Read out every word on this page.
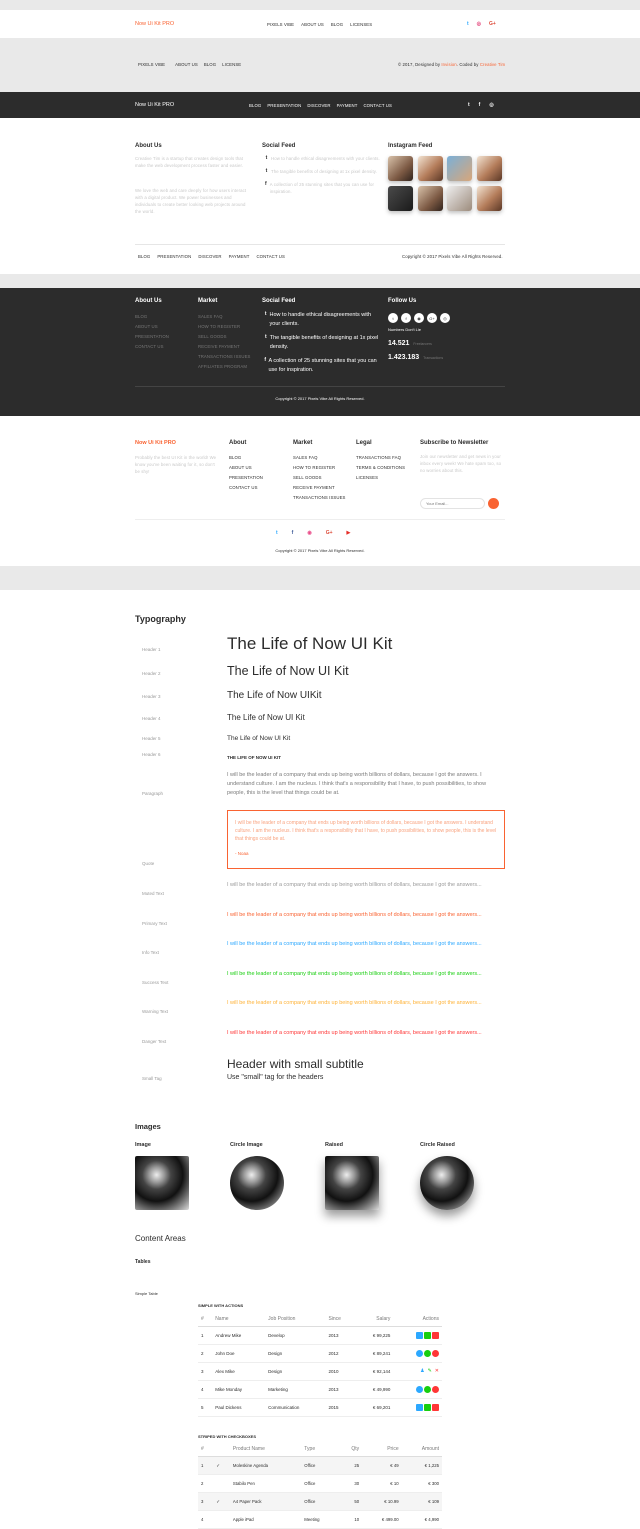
Now Ui Kit PRO	PIXELS VIBE ABOUT US BLOG LICENSES	t ◎ G+
PIXELS VIBE ABOUT US BLOG LICENSE	© 2017, Designed by Invision. Coded by Creative Tim
Now Ui Kit PRO	BLOG PRESENTATION DISCOVER PAYMENT CONTACT US	t f ◎
About Us
Creative Tim is a startup that creates design tools that make the web development process faster and easier.
We love the web and care deeply for how users interact with a digital product. We power businesses and individuals to create better looking web projects around the world.
Social Feed
t How to handle ethical disagreements with your clients.
t The tangible benefits of designing at 1x pixel density.
f A collection of 25 stunning sites that you can use for inspiration.
Instagram Feed
BLOG PRESENTATION DISCOVER PAYMENT CONTACT US	Copyright © 2017 Pixels Vibe All Rights Reserved.
About Us
BLOG
ABOUT US
PRESENTATION
CONTACT US
Market
SALES FAQ
HOW TO REGISTER
SELL GOODS
RECEIVE PAYMENT
TRANSACTIONS ISSUES
AFFILIATES PROGRAM
Social Feed
t How to handle ethical disagreements with your clients.
t The tangible benefits of designing at 1x pixel density.
f A collection of 25 stunning sites that you can use for inspiration.
Follow Us
t	f	◉	G+	◎
Numbers Don't Lie
14.521 Freelancers
1.423.183 Transactions
Copyright © 2017 Pixels Vibe All Rights Reserved.
Now Ui Kit PRO
Probably the best UI Kit in the world! We know you've been waiting for it, so don't be shy!
About
BLOG
ABOUT US
PRESENTATION
CONTACT US
Market
SALES FAQ
HOW TO REGISTER
SELL GOODS
RECEIVE PAYMENT
TRANSACTIONS ISSUES
Legal
TRANSACTIONS FAQ
TERMS & CONDITIONS
LICENSES
Subscribe to Newsletter
Join our newsletter and get news in your inbox every week! We hate spam too, so no worries about this.
Your Email...
t	f	◉	G+	▶
Copyright © 2017 Pixels Vibe All Rights Reserved.
Typography
Header 1	The Life of Now UI Kit
Header 2	The Life of Now UI Kit
Header 3	The Life of Now UIKit
Header 4	The Life of Now UI Kit
Header 5	The Life of Now UI Kit
Header 6
THE LIFE OF NOW UI KIT
Paragraph
I will be the leader of a company that ends up being worth billions of dollars, because I got the answers. I understand culture. I am the nucleus. I think that's a responsibility that I have, to push possibilities, to show people, this is the level that things could be at.
Quote
I will be the leader of a company that ends up being worth billions of dollars, because I got the answers. I understand culture. I am the nucleus. I think that's a responsibility that I have, to push possibilities, to show people, this is the level that things could be at.
- Noaa
Muted Text
I will be the leader of a company that ends up being worth billions of dollars, because I got the answers...
Primary Text
I will be the leader of a company that ends up being worth billions of dollars, because I got the answers...
Info Text
I will be the leader of a company that ends up being worth billions of dollars, because I got the answers...
Success Text
I will be the leader of a company that ends up being worth billions of dollars, because I got the answers...
Warning Text
I will be the leader of a company that ends up being worth billions of dollars, because I got the answers...
Danger Text
I will be the leader of a company that ends up being worth billions of dollars, because I got the answers...
Small Tag
Header with small subtitle
Use "small" tag for the headers
Images
Image	Circle Image	Raised	Circle Raised
Content Areas
Tables
Simple Table
SIMPLE WITH ACTIONS
#	Name	Job Position	Since	Salary	Actions
1	Andrew Mike	Develop	2013	€ 99,225	
2	John Doe	Design	2012	€ 89,241	
3	Alex Mike	Design	2010	€ 92,144	♟ ✎ ✕
4	Mike Monday	Marketing	2013	€ 49,990	
5	Paul Dickens	Communication	2015	€ 69,201	
STRIPED WITH CHECKBOXES
#		Product Name	Type	Qty	Price	Amount
1	✓	Moleskine Agenda	Office	25	€ 49	€ 1,225
2		Stabilo Pen	Office	30	€ 10	€ 300
3	✓	A4 Paper Pack	Office	50	€ 10.99	€ 109
4		Apple iPad	Meeting	10	€ 499.00	€ 4,990
